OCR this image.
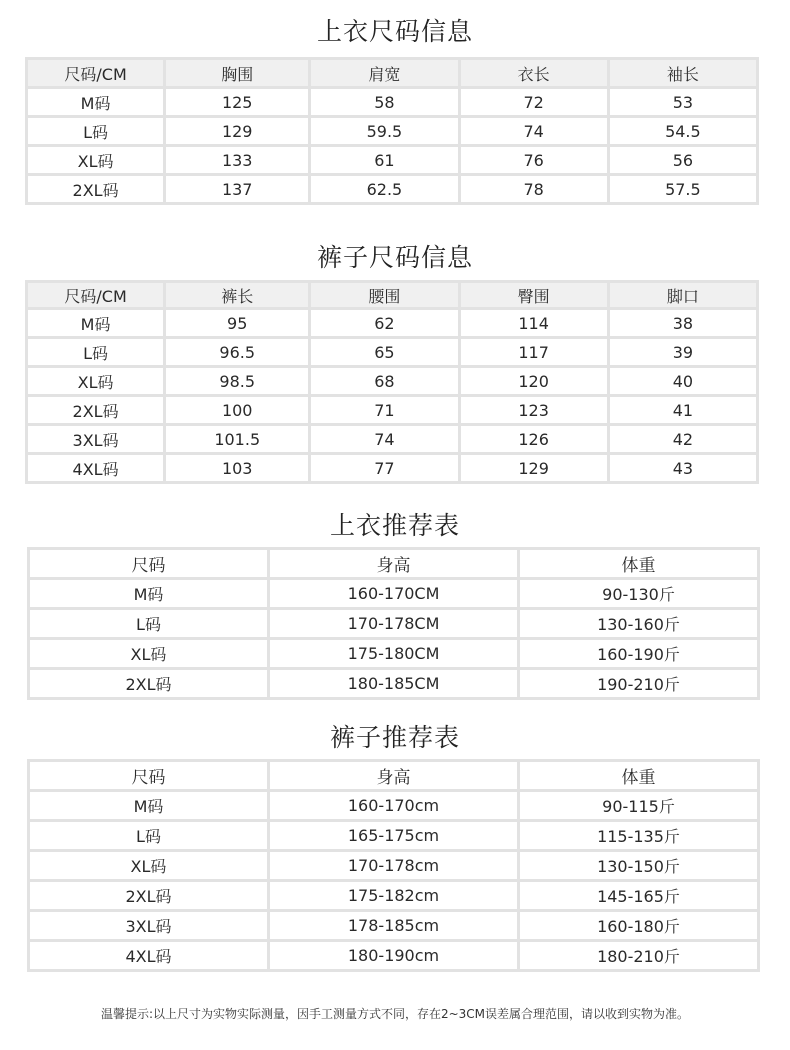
上衣尺码信息
尺码/CM	胸围	肩宽	衣长	袖长
M码	125	58	72	53
L码	129	59.5	74	54.5
XL码	133	61	76	56
2XL码	137	62.5	78	57.5
裤子尺码信息
尺码/CM	裤长	腰围	臀围	脚口
M码	95	62	114	38
L码	96.5	65	117	39
XL码	98.5	68	120	40
2XL码	100	71	123	41
3XL码	101.5	74	126	42
4XL码	103	77	129	43
上衣推荐表
尺码	身高	体重
M码	160-170CM	90-130斤
L码	170-178CM	130-160斤
XL码	175-180CM	160-190斤
2XL码	180-185CM	190-210斤
裤子推荐表
尺码	身高	体重
M码	160-170cm	90-115斤
L码	165-175cm	115-135斤
XL码	170-178cm	130-150斤
2XL码	175-182cm	145-165斤
3XL码	178-185cm	160-180斤
4XL码	180-190cm	180-210斤
温馨提示:以上尺寸为实物实际测量，因手工测量方式不同，存在2~3CM误差属合理范围，请以收到实物为准。
